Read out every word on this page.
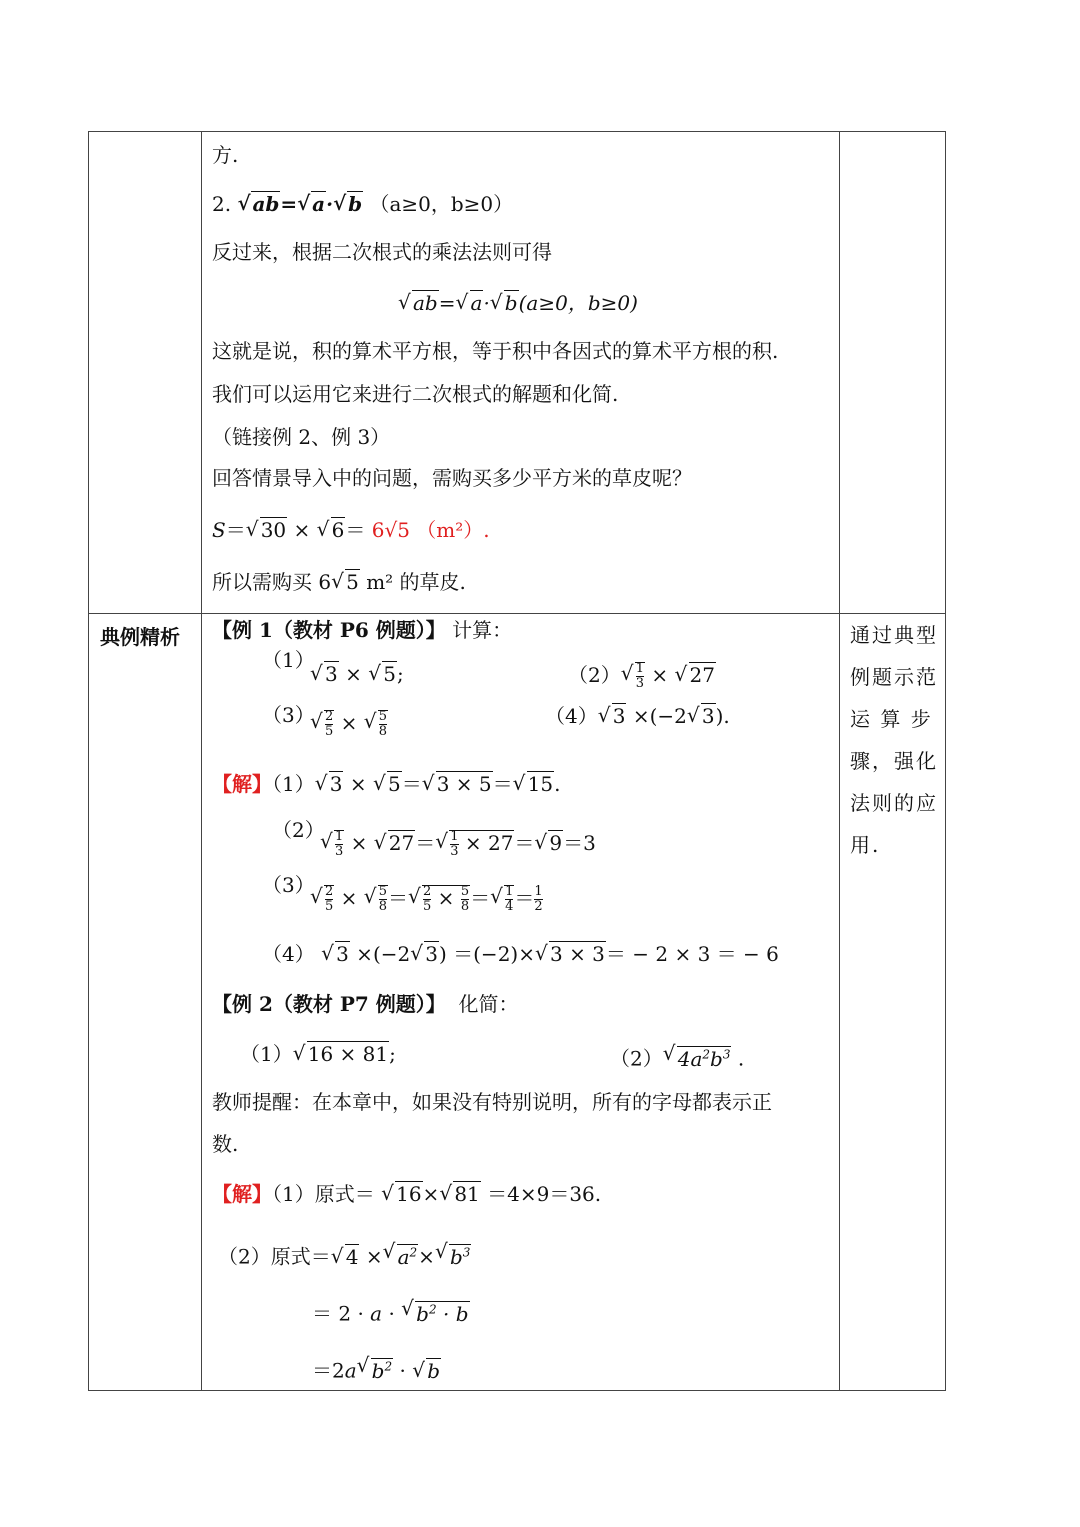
方.
2. √ ab=√ a·√ b （a≥0，b≥0）
反过来，根据二次根式的乘法法则可得
√ ab=√ a·√ b(a≥0，b≥0)
这就是说，积的算术平方根，等于积中各因式的算术平方根的积.
我们可以运用它来进行二次根式的解题和化简.
（链接例 2、例 3）
回答情景导入中的问题，需购买多少平方米的草皮呢？
S＝√ 30 × √ 6＝ 6√5 （m²）.
所以需购买 6√ 5 m² 的草皮.
典例精析	通过典型
例题示范
运 算 步
骤，强化
法则的应
用.
【例 1（教材 P6 例题）】 计算：
（1）
√ 3 × √ 5;	（2）
√ $\frac{1}{3}$ × √ 27
（3）
√ $\frac{2}{5}$ ×
√ $\frac{5}{8}$	（4）√ 3 ×(−2√ 3).
【解】（1）√ 3 × √ 5＝√ 3 × 5＝√ 15.
（2）
√ $\frac{1}{3}$ × √ 27＝
√ $\frac{1}{3} \times 27=√$ 9＝3
（3）
√ $\frac{2}{5}$ ×
√ $\frac{5}{8}$ ＝
√ $\frac{2}{5} \times \frac{5}{8}$ ＝
√ $\frac{1}{4} = \frac{1}{2}$
（4） √ 3 ×(−2√ 3) ＝(−2)×√ 3 × 3＝ − 2 × 3 ＝ − 6
【例 2（教材 P7 例题）】 化简：
（1）√ 16 × 81;	（2）√ $4a^2b^3$ .
教师提醒：在本章中，如果没有特别说明，所有的字母都表示正
数.
【解】（1）原式＝ √ 16×√ 81 ＝4×9＝36.
（2）原式＝√ 4 ×√ $a^2\times√$ $b^3$
＝ 2 · a · √ $b^2 \cdot b$
＝2a√ $b^2$ · √ b
